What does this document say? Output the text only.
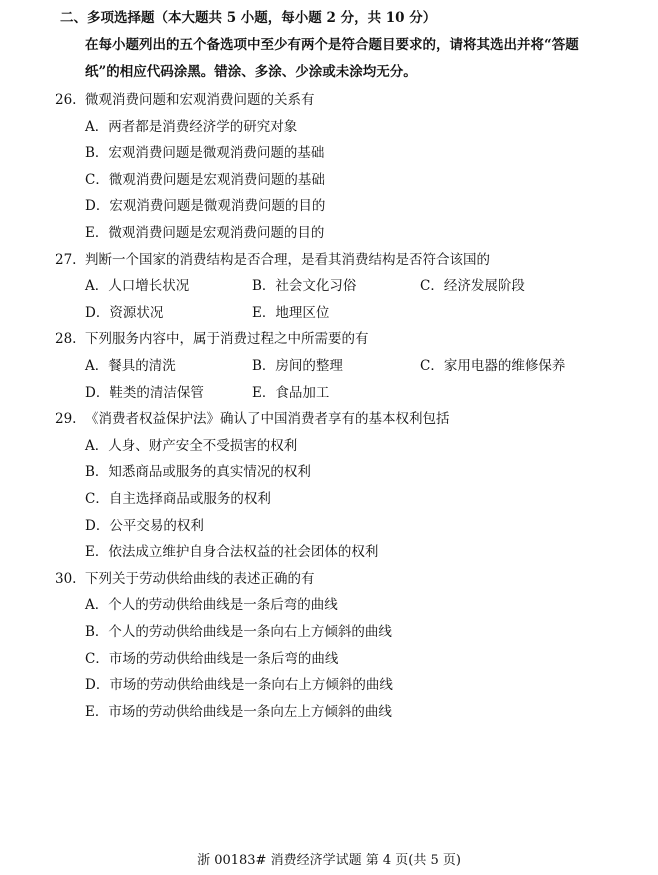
二、多项选择题（本大题共 5 小题，每小题 2 分，共 10 分）
在每小题列出的五个备选项中至少有两个是符合题目要求的，请将其选出并将“答题
纸”的相应代码涂黑。错涂、多涂、少涂或未涂均无分。
26. 微观消费问题和宏观消费问题的关系有
A．两者都是消费经济学的研究对象
B．宏观消费问题是微观消费问题的基础
C．微观消费问题是宏观消费问题的基础
D．宏观消费问题是微观消费问题的目的
E．微观消费问题是宏观消费问题的目的
27. 判断一个国家的消费结构是否合理，是看其消费结构是否符合该国的
A．人口增长状况	B．社会文化习俗	C．经济发展阶段
D．资源状况	E．地理区位
28. 下列服务内容中，属于消费过程之中所需要的有
A．餐具的清洗	B．房间的整理	C．家用电器的维修保养
D．鞋类的清洁保管	E．食品加工
29. 《消费者权益保护法》确认了中国消费者享有的基本权利包括
A．人身、财产安全不受损害的权利
B．知悉商品或服务的真实情况的权利
C．自主选择商品或服务的权利
D．公平交易的权利
E．依法成立维护自身合法权益的社会团体的权利
30. 下列关于劳动供给曲线的表述正确的有
A．个人的劳动供给曲线是一条后弯的曲线
B．个人的劳动供给曲线是一条向右上方倾斜的曲线
C．市场的劳动供给曲线是一条后弯的曲线
D．市场的劳动供给曲线是一条向右上方倾斜的曲线
E．市场的劳动供给曲线是一条向左上方倾斜的曲线
浙 00183# 消费经济学试题 第 4 页(共 5 页)
